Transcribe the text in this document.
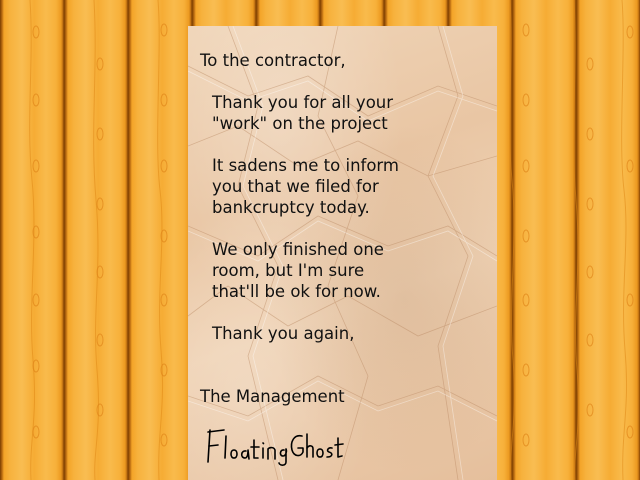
To the contractor,
Thank you for all your
"work" on the project
It sadens me to inform
you that we filed for
bankcruptcy today.
We only finished one
room, but I'm sure
that'll be ok for now.
Thank you again,
The Management
